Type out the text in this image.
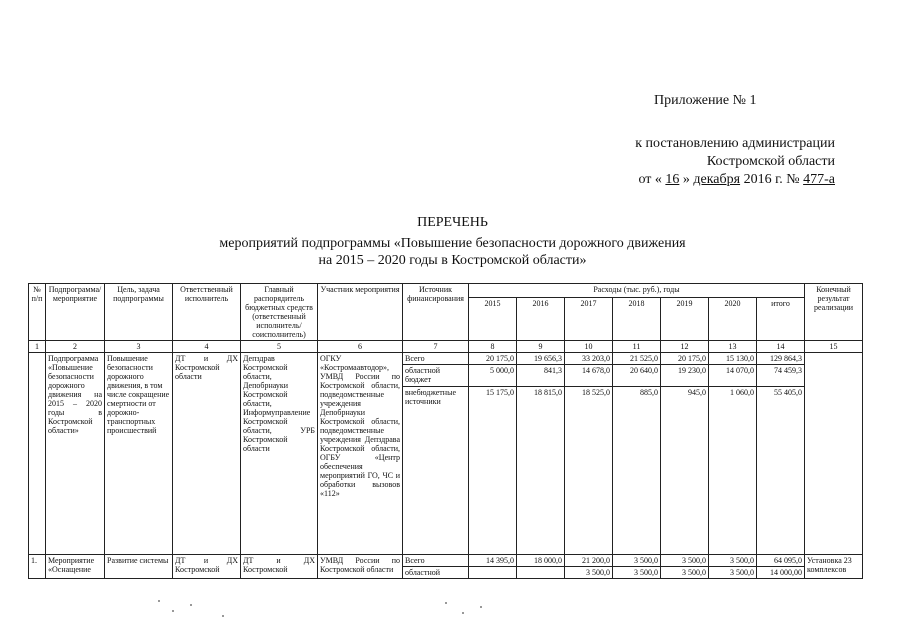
Приложение № 1
к постановлению администрации
Костромской области
от « 16 » декабря 2016 г. № 477-а
ПЕРЕЧЕНЬ
мероприятий подпрограммы «Повышение безопасности дорожного движения
на 2015 – 2020 годы в Костромской области»
№ п/п	Подпрограмма/ мероприятие	Цель, задача подпрограммы	Ответственный исполнитель	Главный распорядитель бюджетных средств (ответственный исполнитель/ соисполнитель)	Участник мероприятия	Источник финансирования	Расходы (тыс. руб.), годы							Конечный результат реализации
							2015	2016	2017	2018	2019	2020	итого	
1	2	3	4	5	6	7	8	9	10	11	12	13	14	15
	Подпрограмма «Повышение безопасности дорожного движения на 2015 – 2020 годы в Костромской области»	Повышение безопасности дорожного движения, в том числе сокращение смертности от дорожно-транспортных происшествий	ДТ и ДХ Костромской области	Депздрав Костромской области, Депобрнауки Костромской области, Информуправление Костромской области, УРБ Костромской области	ОГКУ «Костромаавтодор», УМВД России по Костромской области, подведомственные учреждения Депобрнауки Костромской области, подведомственные учреждения Депздрава Костромской области, ОГБУ «Центр обеспечения мероприятий ГО, ЧС и обработки вызовов «112»	Всего	20 175,0	19 656,3	33 203,0	21 525,0	20 175,0	15 130,0	129 864,3	
						областной бюджет	5 000,0	841,3	14 678,0	20 640,0	19 230,0	14 070,0	74 459,3	
						внебюджетные источники	15 175,0	18 815,0	18 525,0	885,0	945,0	1 060,0	55 405,0	
1.	Мероприятие «Оснащение	Развитие системы	ДТ и ДХ Костромской	ДТ и ДХ Костромской	УМВД России по Костромской области	Всего	14 395,0	18 000,0	21 200,0	3 500,0	3 500,0	3 500,0	64 095,0	Установка 23 комплексов
						областной			3 500,0	3 500,0	3 500,0	3 500,0	14 000,00	
